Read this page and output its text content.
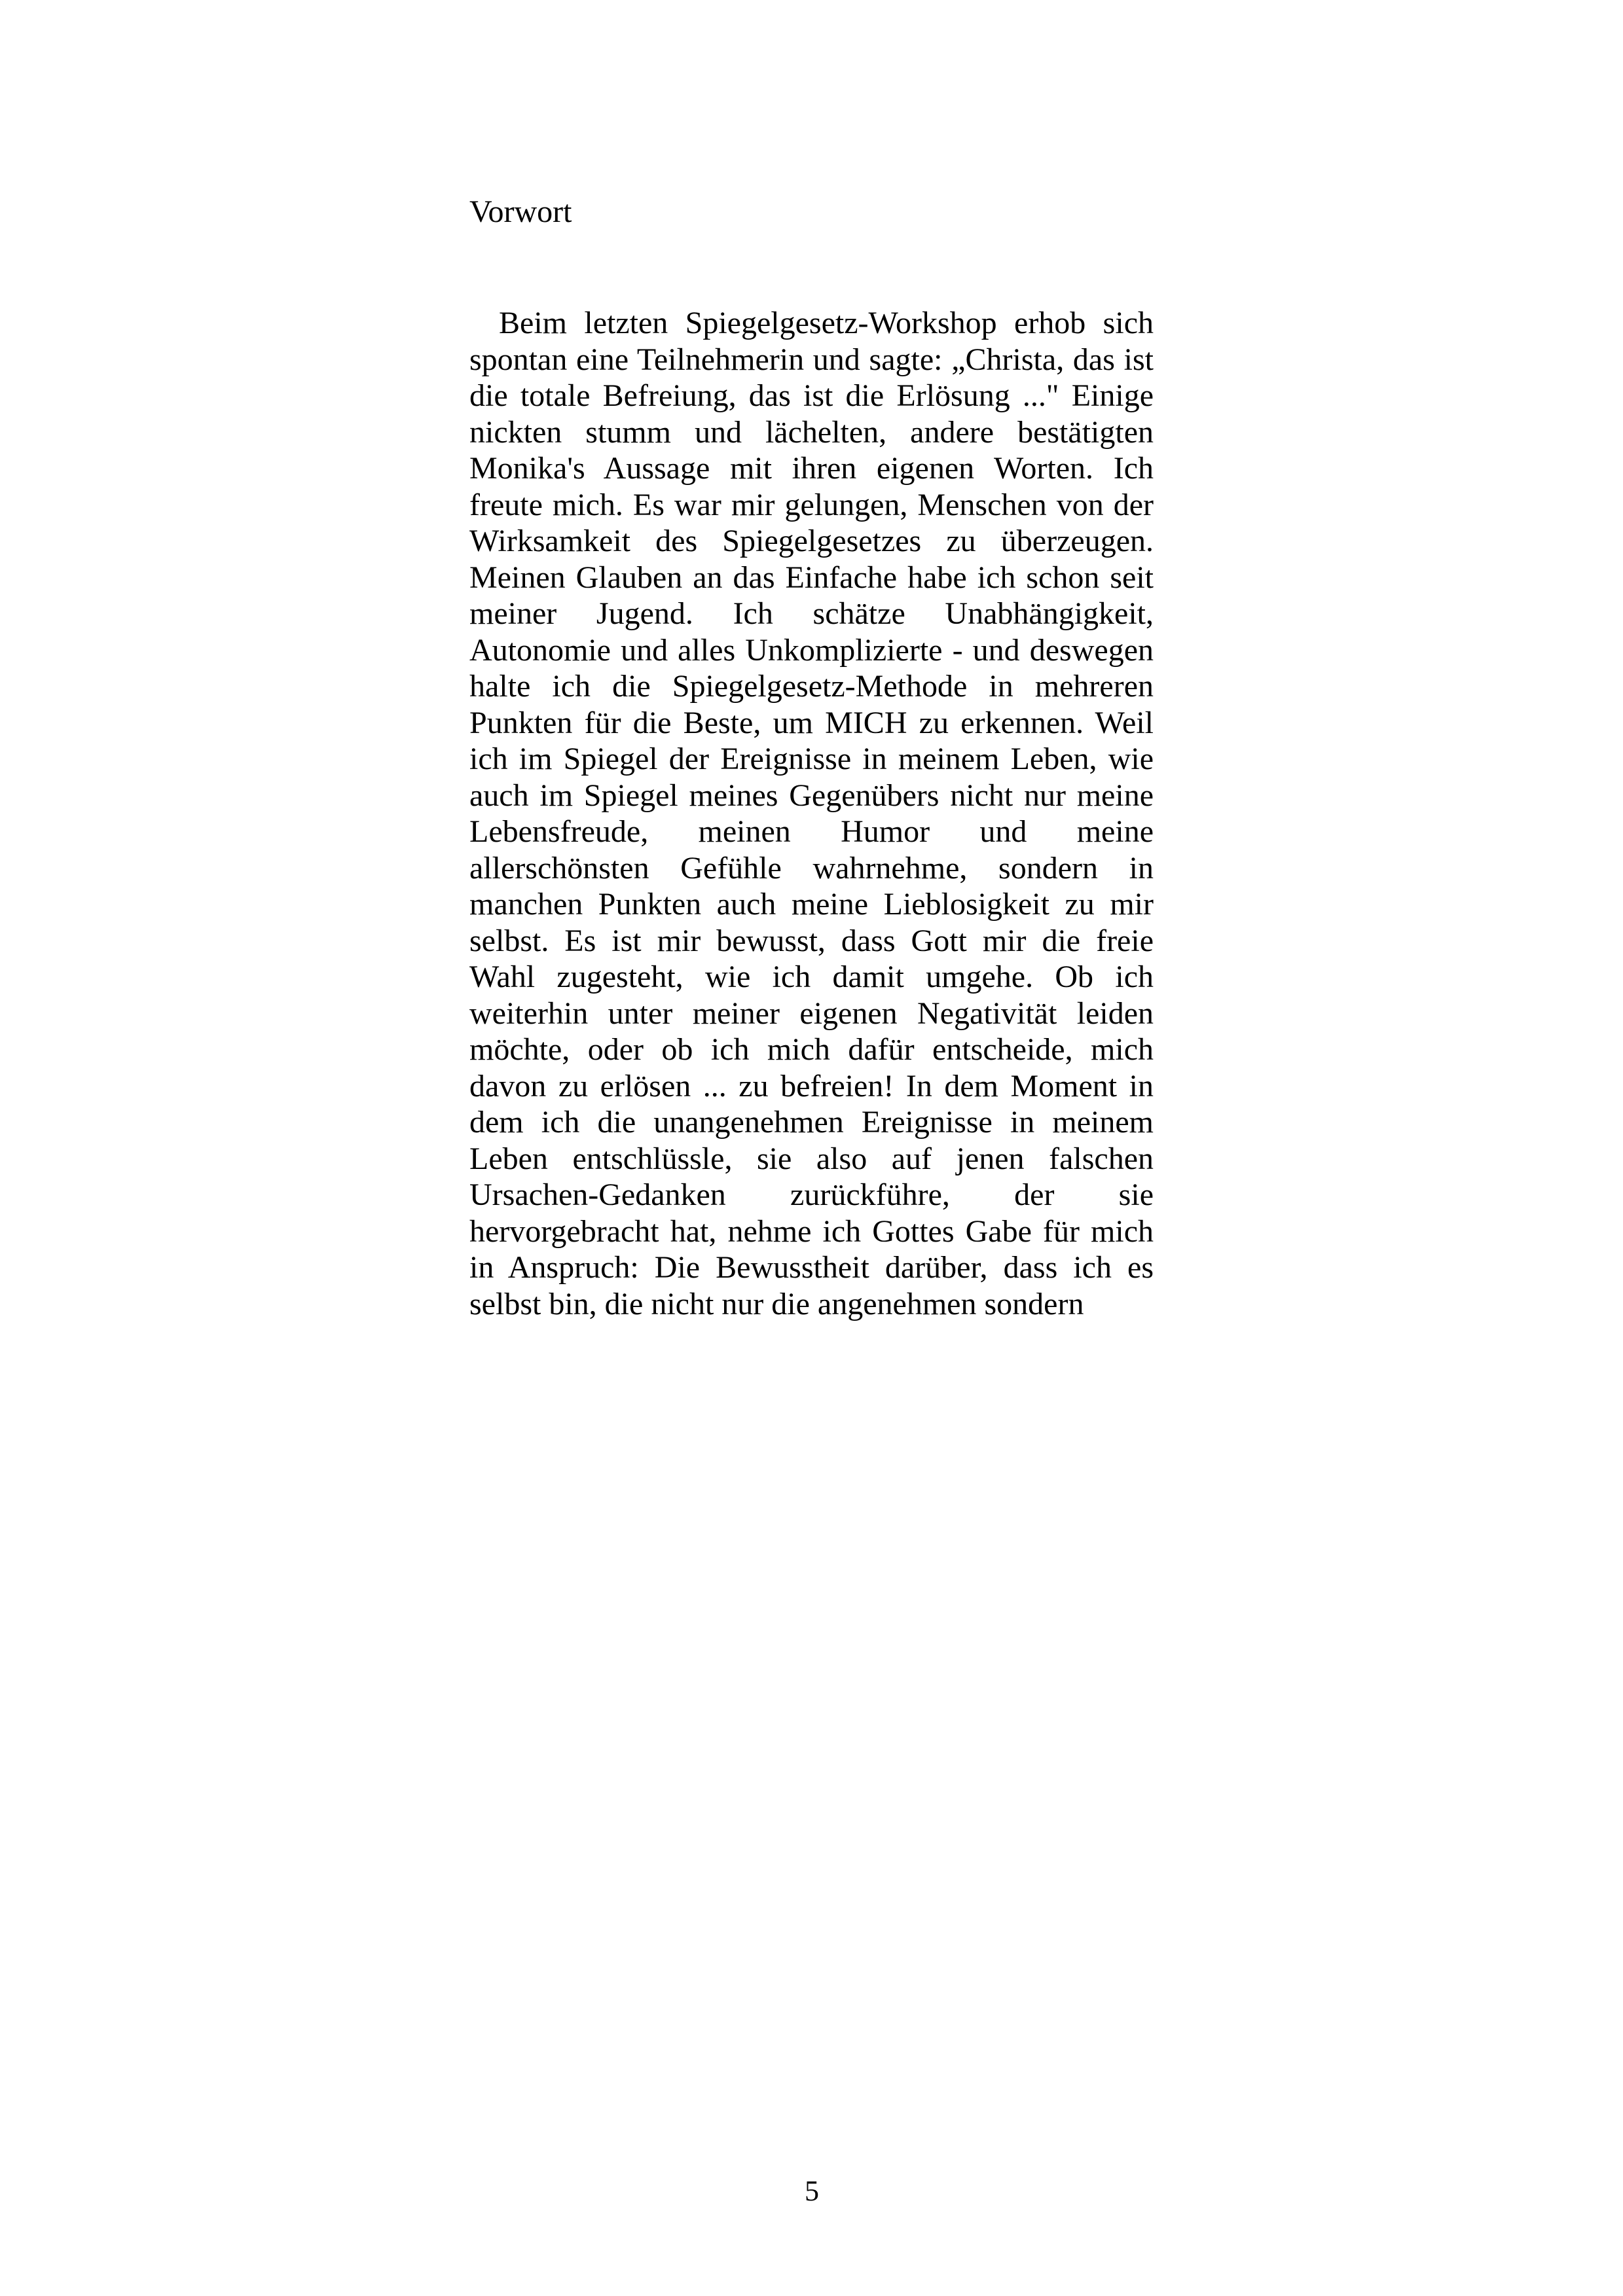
Vorwort

Beim letzten Spiegelgesetz-Workshop erhob sich spontan eine Teilnehmerin und sagte: „Christa, das ist die totale Befreiung, das ist die Erlösung ..." Einige nickten stumm und lächelten, andere bestätigten Monika's Aussage mit ihren eigenen Worten. Ich freute mich. Es war mir gelungen, Menschen von der Wirksamkeit des Spiegelgesetzes zu überzeugen. Meinen Glauben an das Einfache habe ich schon seit meiner Jugend. Ich schätze Unabhängigkeit, Autonomie und alles Unkomplizierte - und deswegen halte ich die Spiegelgesetz-Methode in mehreren Punkten für die Beste, um MICH zu erkennen. Weil ich im Spiegel der Ereignisse in meinem Leben, wie auch im Spiegel meines Gegenübers nicht nur meine Lebensfreude, meinen Humor und meine allerschönsten Gefühle wahrnehme, sondern in manchen Punkten auch meine Lieblosigkeit zu mir selbst. Es ist mir bewusst, dass Gott mir die freie Wahl zugesteht, wie ich damit umgehe. Ob ich weiterhin unter meiner eigenen Negativität leiden möchte, oder ob ich mich dafür entscheide, mich davon zu erlösen ... zu befreien! In dem Moment in dem ich die unangenehmen Ereignisse in meinem Leben entschlüssle, sie also auf jenen falschen Ursachen-Gedanken zurückführe, der sie hervorgebracht hat, nehme ich Gottes Gabe für mich in Anspruch: Die Bewusstheit darüber, dass ich es selbst bin, die nicht nur die angenehmen sondern

5
